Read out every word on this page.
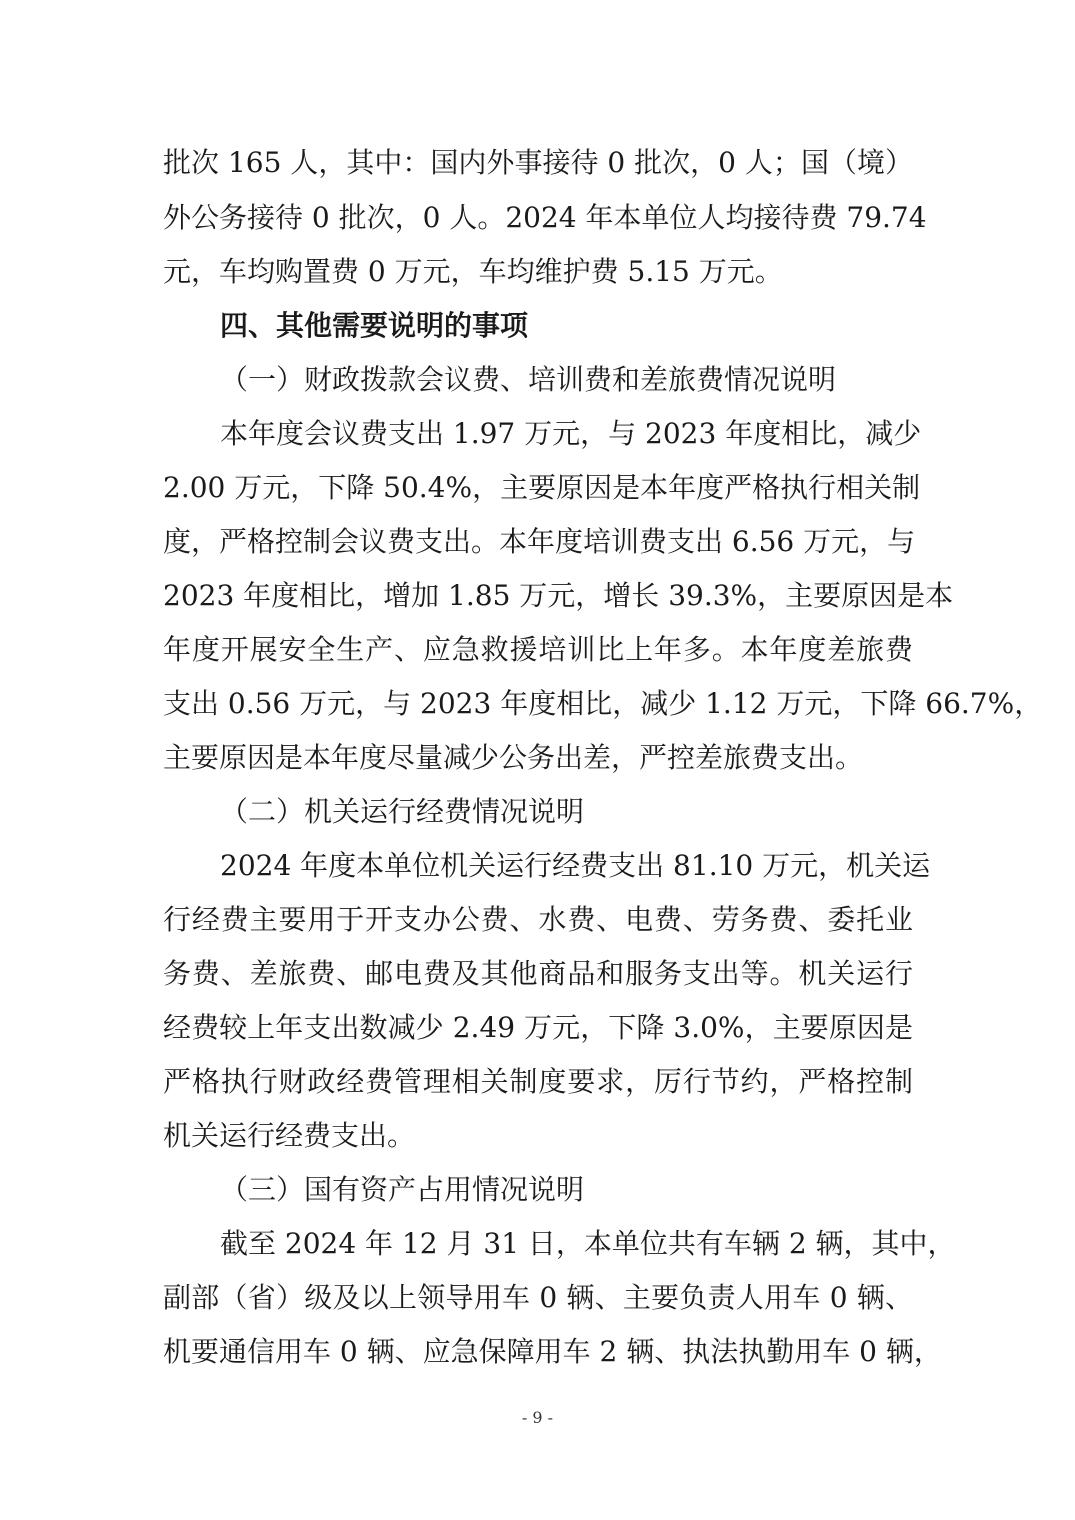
批次 165 人，其中：国内外事接待 0 批次，0 人；国（境）
外公务接待 0 批次，0 人。2024 年本单位人均接待费 79.74
元，车均购置费 0 万元，车均维护费 5.15 万元。
四、其他需要说明的事项
（一）财政拨款会议费、培训费和差旅费情况说明
本年度会议费支出 1.97 万元，与 2023 年度相比，减少
2.00 万元，下降 50.4%，主要原因是本年度严格执行相关制
度，严格控制会议费支出。本年度培训费支出 6.56 万元，与
2023 年度相比，增加 1.85 万元，增长 39.3%，主要原因是本
年度开展安全生产、应急救援培训比上年多。本年度差旅费
支出 0.56 万元，与 2023 年度相比，减少 1.12 万元，下降 66.7%，
主要原因是本年度尽量减少公务出差，严控差旅费支出。
（二）机关运行经费情况说明
2024 年度本单位机关运行经费支出 81.10 万元，机关运
行经费主要用于开支办公费、水费、电费、劳务费、委托业
务费、差旅费、邮电费及其他商品和服务支出等。机关运行
经费较上年支出数减少 2.49 万元，下降 3.0%，主要原因是
严格执行财政经费管理相关制度要求，厉行节约，严格控制
机关运行经费支出。
（三）国有资产占用情况说明
截至 2024 年 12 月 31 日，本单位共有车辆 2 辆，其中，
副部（省）级及以上领导用车 0 辆、主要负责人用车 0 辆、
机要通信用车 0 辆、应急保障用车 2 辆、执法执勤用车 0 辆，
- 9 -
